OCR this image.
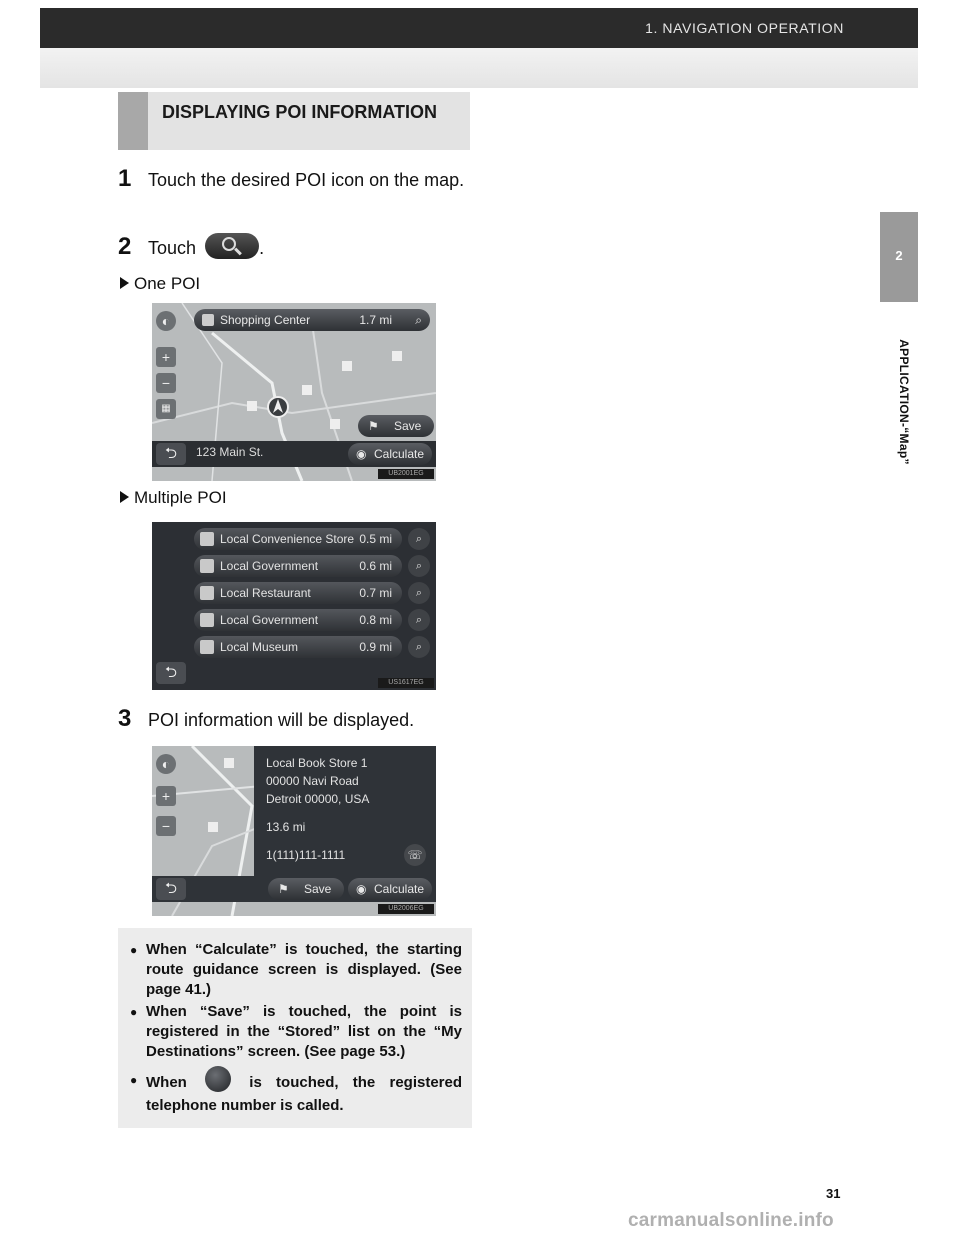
1. NAVIGATION OPERATION
DISPLAYING POI INFORMATION
1 Touch the desired POI icon on the map.
2 Touch	.
One POI
◐	Shopping Center	1.7 mi ⌕
+
−
▦
⚑ Save
⮌	123 Main St.	◉ Calculate
UB2001EG
Multiple POI
Local Convenience Store 0.5 mi	⌕
Local Government	0.6 mi	⌕
Local Restaurant	0.7 mi	⌕
Local Government	0.8 mi	⌕
Local Museum	0.9 mi	⌕
⮌
US1617EG
3 POI information will be displayed.
◐
+
−
Local Book Store 1
00000 Navi Road
Detroit 00000, USA
13.6 mi
1(111)111-1111	☏
⮌	⚑ Save ◉ Calculate
UB2006EG
● When “Calculate” is touched, the starting route guidance screen is displayed. (See page 41.)
● When “Save” is touched, the point is registered in the “Stored” list on the “My Destinations” screen. (See page 53.)
● When	is touched, the registered telephone number is called.
2
APPLICATION-“Map”
31
carmanualsonline.info
